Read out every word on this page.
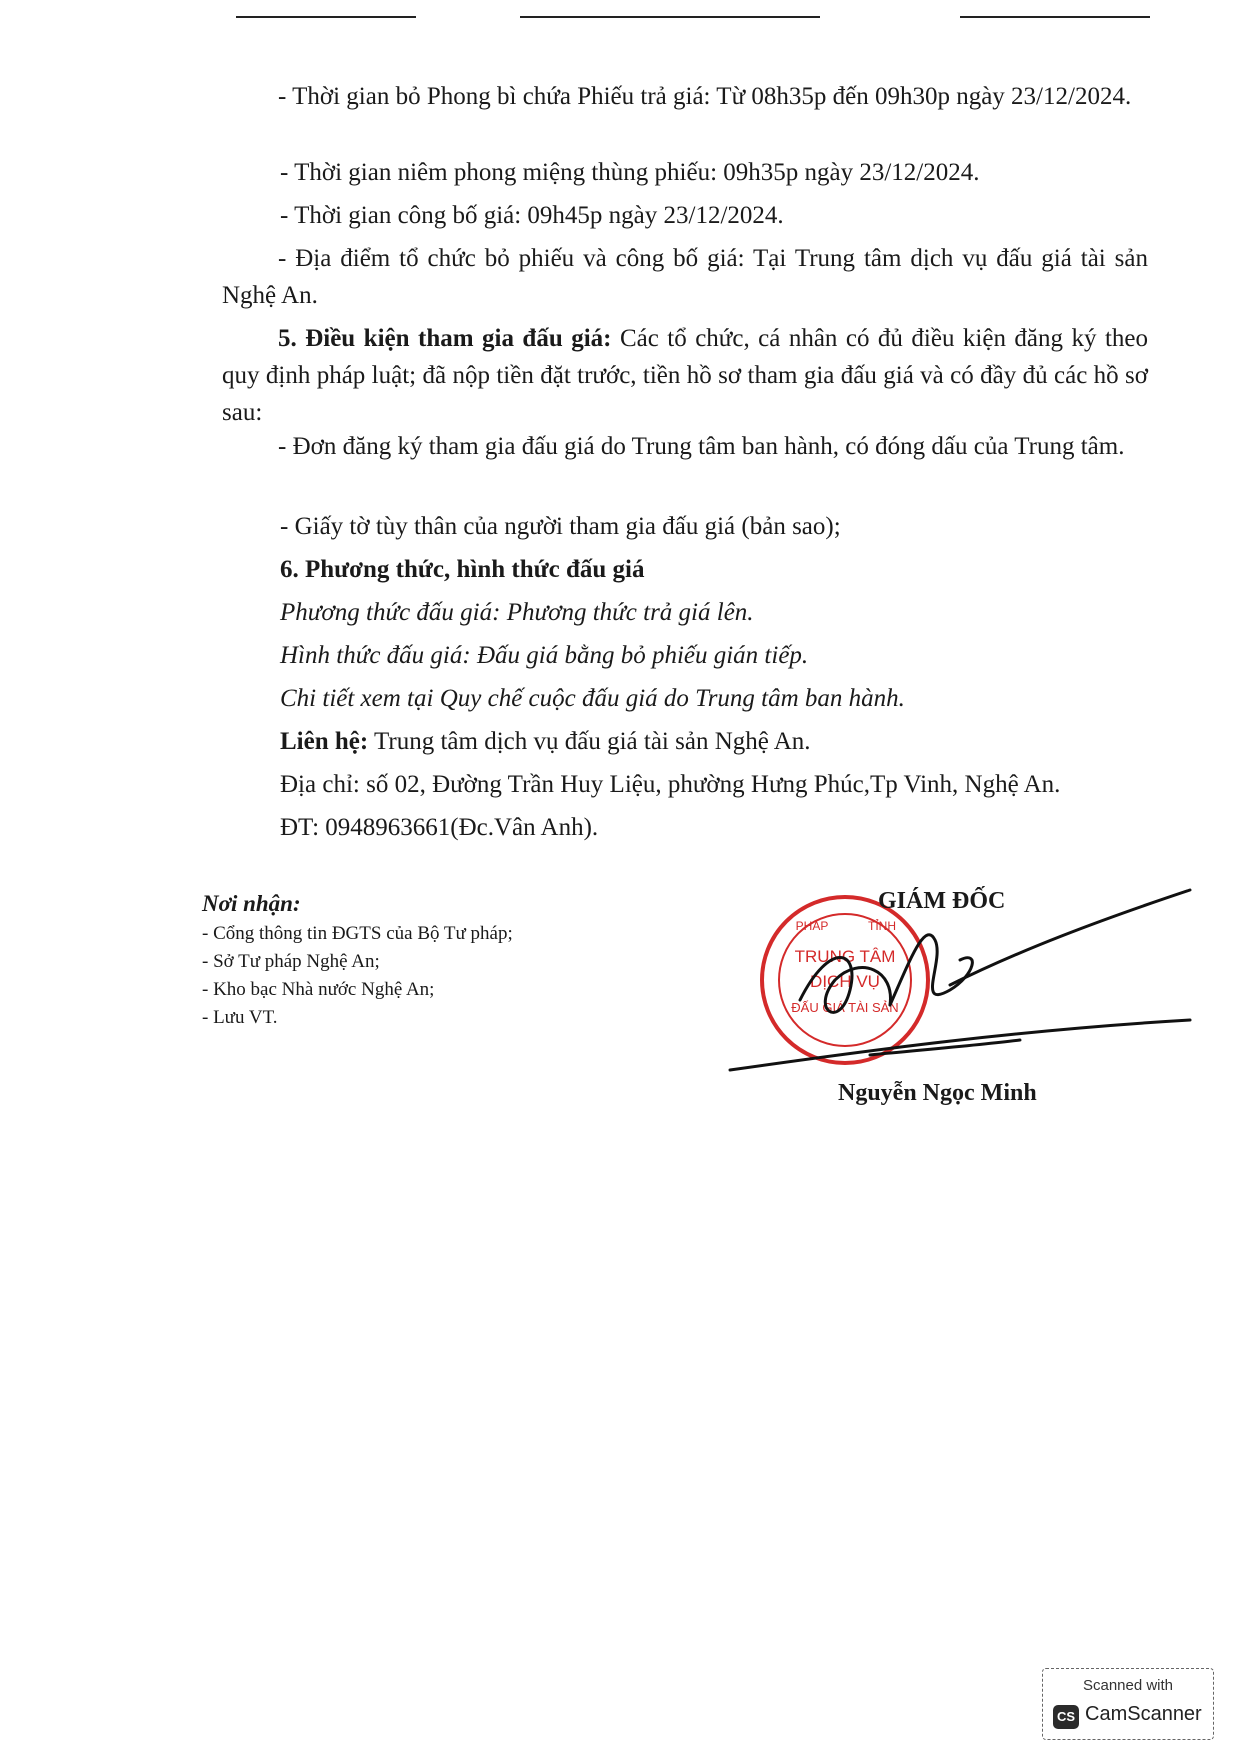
- Thời gian bỏ Phong bì chứa Phiếu trả giá: Từ 08h35p đến 09h30p ngày 23/12/2024.
- Thời gian niêm phong miệng thùng phiếu: 09h35p ngày 23/12/2024.
- Thời gian công bố giá: 09h45p ngày 23/12/2024.
- Địa điểm tổ chức bỏ phiếu và công bố giá: Tại Trung tâm dịch vụ đấu giá tài sản Nghệ An.
5. Điều kiện tham gia đấu giá: Các tổ chức, cá nhân có đủ điều kiện đăng ký theo quy định pháp luật; đã nộp tiền đặt trước, tiền hồ sơ tham gia đấu giá và có đầy đủ các hồ sơ sau:
- Đơn đăng ký tham gia đấu giá do Trung tâm ban hành, có đóng dấu của Trung tâm.
- Giấy tờ tùy thân của người tham gia đấu giá (bản sao);
6. Phương thức, hình thức đấu giá
Phương thức đấu giá: Phương thức trả giá lên.
Hình thức đấu giá: Đấu giá bằng bỏ phiếu gián tiếp.
Chi tiết xem tại Quy chế cuộc đấu giá do Trung tâm ban hành.
Liên hệ: Trung tâm dịch vụ đấu giá tài sản Nghệ An.
Địa chỉ: số 02, Đường Trần Huy Liệu, phường Hưng Phúc,Tp Vinh, Nghệ An.
ĐT: 0948963661(Đc.Vân Anh).
Nơi nhận:
- Cổng thông tin ĐGTS của Bộ Tư pháp;
- Sở Tư pháp Nghệ An;
- Kho bạc Nhà nước Nghệ An;
- Lưu VT.
TRUNG TÂM
DỊCH VỤ
ĐẤU GIÁ TÀI SẢN
PHÁP	TỈNH
GIÁM ĐỐC
Nguyễn Ngọc Minh
Scanned with
CS CamScanner
